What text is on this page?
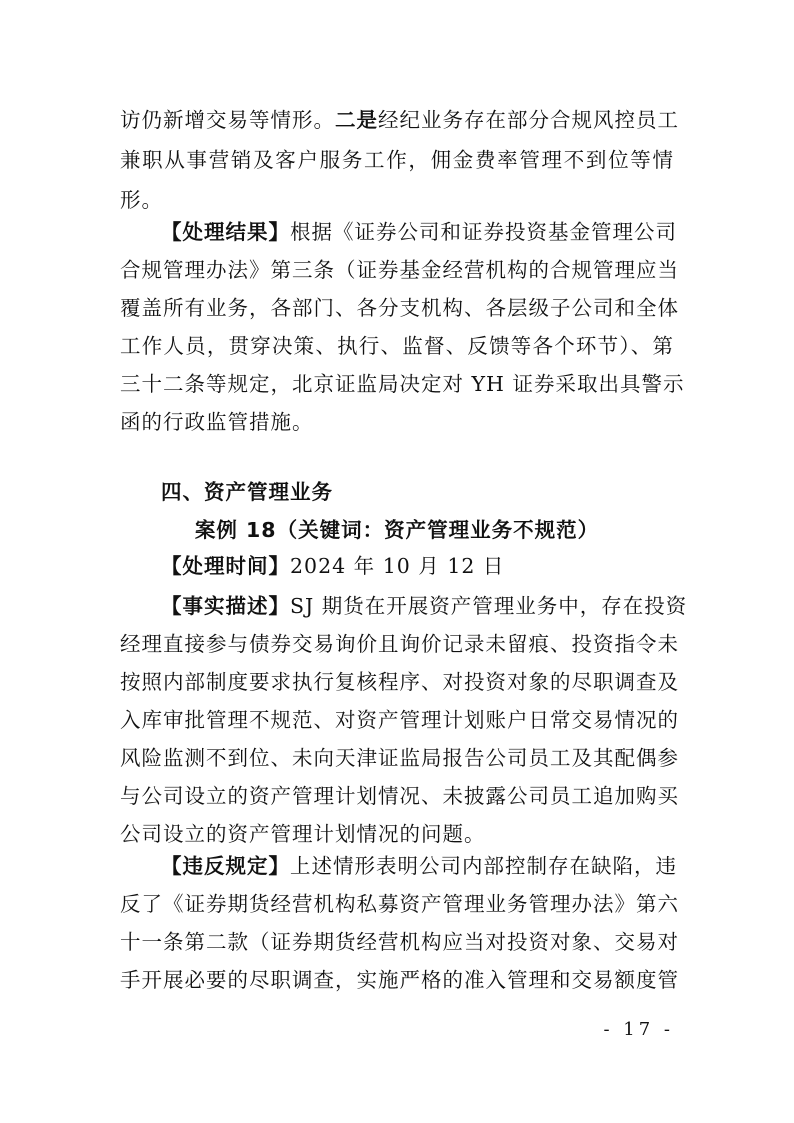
访仍新增交易等情形。二是经纪业务存在部分合规风控员工
兼职从事营销及客户服务工作，佣金费率管理不到位等情
形。
【处理结果】根据《证券公司和证券投资基金管理公司
合规管理办法》第三条（证券基金经营机构的合规管理应当
覆盖所有业务，各部门、各分支机构、各层级子公司和全体
工作人员，贯穿决策、执行、监督、反馈等各个环节）、第
三十二条等规定，北京证监局决定对 YH 证券采取出具警示
函的行政监管措施。
四、资产管理业务
案例 18（关键词：资产管理业务不规范）
【处理时间】2024 年 10 月 12 日
【事实描述】SJ 期货在开展资产管理业务中，存在投资
经理直接参与债券交易询价且询价记录未留痕、投资指令未
按照内部制度要求执行复核程序、对投资对象的尽职调查及
入库审批管理不规范、对资产管理计划账户日常交易情况的
风险监测不到位、未向天津证监局报告公司员工及其配偶参
与公司设立的资产管理计划情况、未披露公司员工追加购买
公司设立的资产管理计划情况的问题。
【违反规定】上述情形表明公司内部控制存在缺陷，违
反了《证券期货经营机构私募资产管理业务管理办法》第六
十一条第二款（证券期货经营机构应当对投资对象、交易对
手开展必要的尽职调查，实施严格的准入管理和交易额度管
- 17 -
